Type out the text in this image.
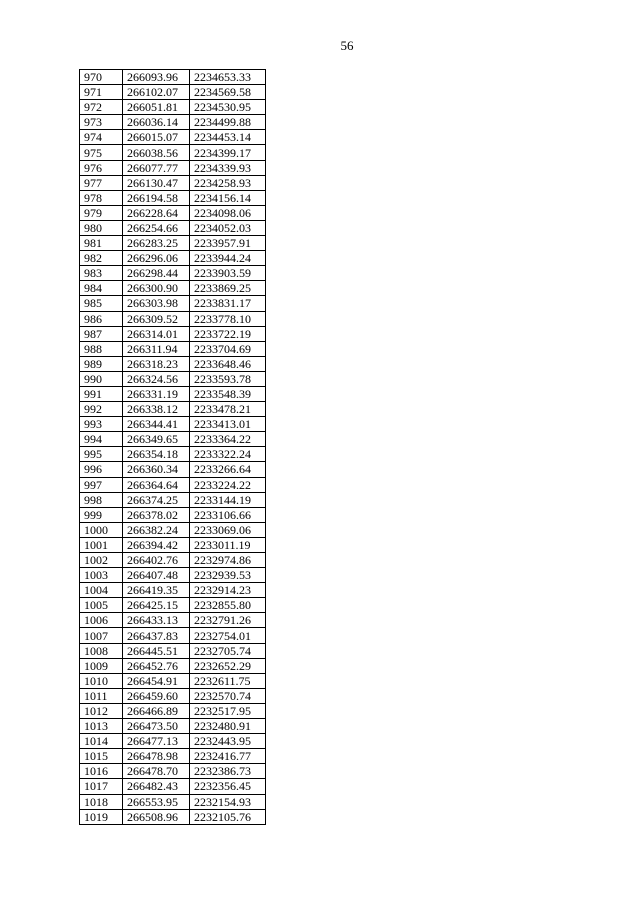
56
970	266093.96	2234653.33
971	266102.07	2234569.58
972	266051.81	2234530.95
973	266036.14	2234499.88
974	266015.07	2234453.14
975	266038.56	2234399.17
976	266077.77	2234339.93
977	266130.47	2234258.93
978	266194.58	2234156.14
979	266228.64	2234098.06
980	266254.66	2234052.03
981	266283.25	2233957.91
982	266296.06	2233944.24
983	266298.44	2233903.59
984	266300.90	2233869.25
985	266303.98	2233831.17
986	266309.52	2233778.10
987	266314.01	2233722.19
988	266311.94	2233704.69
989	266318.23	2233648.46
990	266324.56	2233593.78
991	266331.19	2233548.39
992	266338.12	2233478.21
993	266344.41	2233413.01
994	266349.65	2233364.22
995	266354.18	2233322.24
996	266360.34	2233266.64
997	266364.64	2233224.22
998	266374.25	2233144.19
999	266378.02	2233106.66
1000	266382.24	2233069.06
1001	266394.42	2233011.19
1002	266402.76	2232974.86
1003	266407.48	2232939.53
1004	266419.35	2232914.23
1005	266425.15	2232855.80
1006	266433.13	2232791.26
1007	266437.83	2232754.01
1008	266445.51	2232705.74
1009	266452.76	2232652.29
1010	266454.91	2232611.75
1011	266459.60	2232570.74
1012	266466.89	2232517.95
1013	266473.50	2232480.91
1014	266477.13	2232443.95
1015	266478.98	2232416.77
1016	266478.70	2232386.73
1017	266482.43	2232356.45
1018	266553.95	2232154.93
1019	266508.96	2232105.76
